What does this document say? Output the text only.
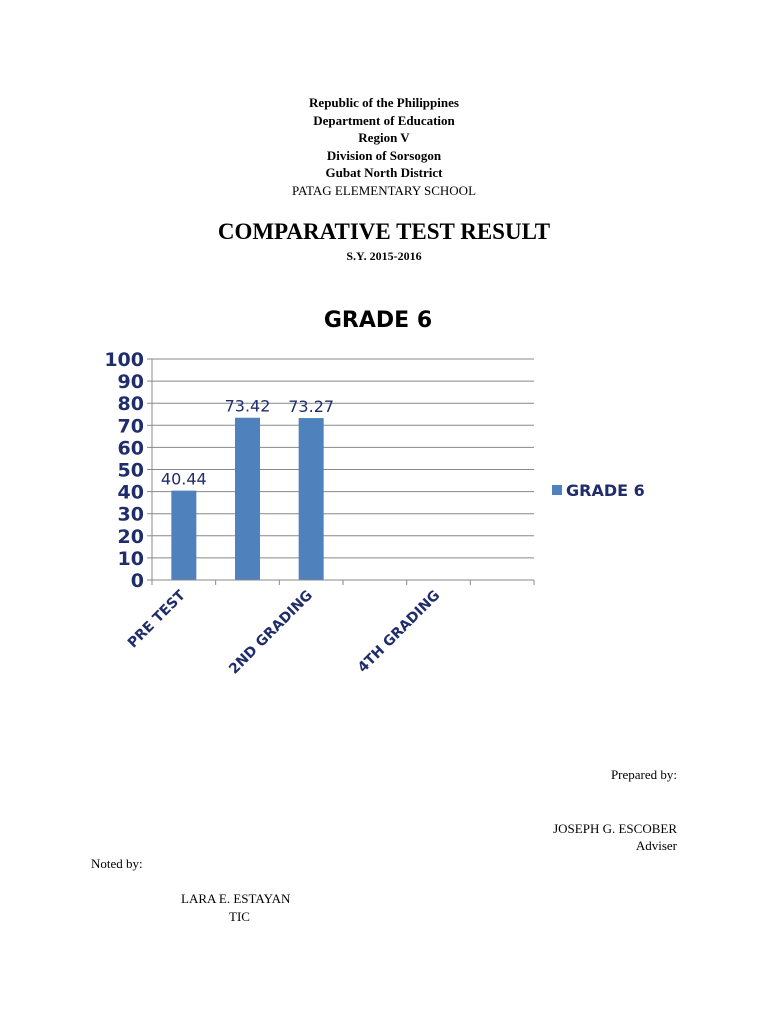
Republic of the Philippines
Department of Education
Region V
Division of Sorsogon
Gubat North District
PATAG ELEMENTARY SCHOOL
COMPARATIVE TEST RESULT
S.Y. 2015-2016
GRADE 6
0
10
20
30
40
50
60
70
80
90
100
40.44
73.42 73.27
PRE TEST	2ND GRADING	4TH GRADING
GRADE 6
Prepared by:
JOSEPH G. ESCOBER
Adviser
Noted by:
LARA E. ESTAYAN
TIC
